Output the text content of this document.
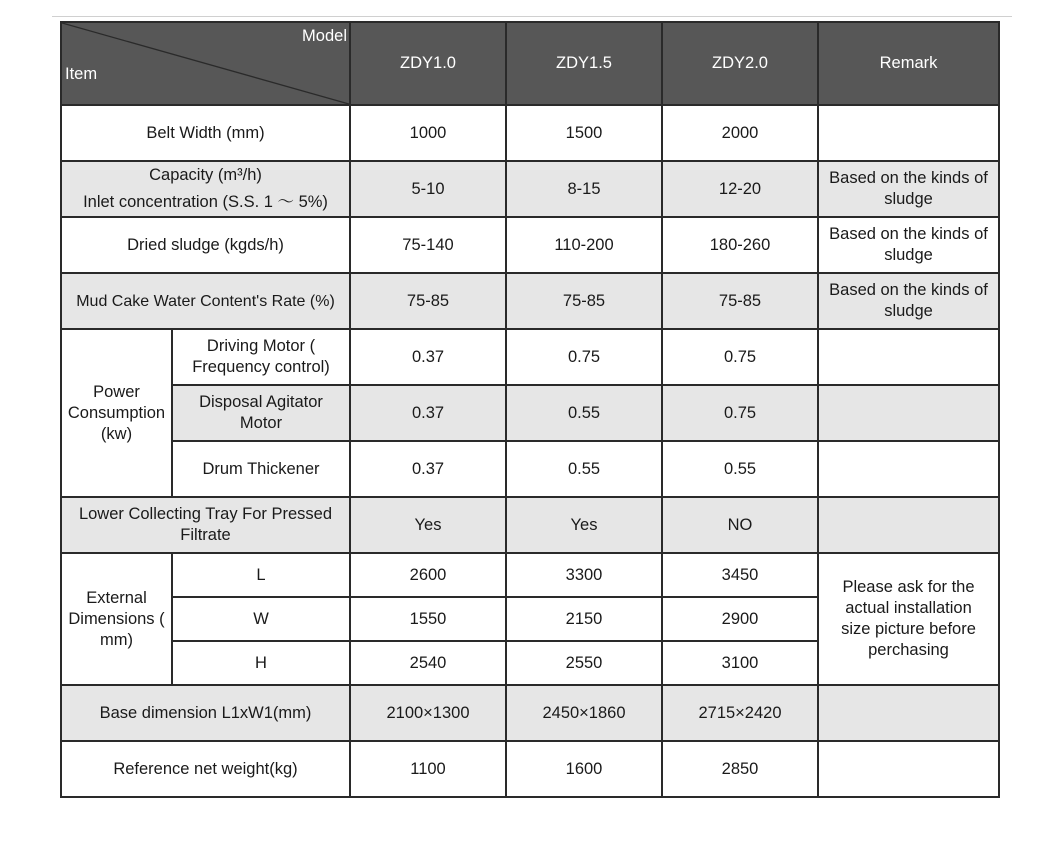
Model
Item		ZDY1.0	ZDY1.5	ZDY2.0	Remark
Belt Width (mm)		1000	1500	2000	

Capacity (m³/h)
Inlet concentration (S.S. 1 ～ 5%)		5-10	8-15	12-20	Based on the kinds of sludge
Dried sludge (kgds/h)		75-140	110-200	180-260	Based on the kinds of sludge
Mud Cake Water Content's Rate (%)		75-85	75-85	75-85	Based on the kinds of sludge
Power Consumption (kw)	Driving Motor ( Frequency control)	0.37	0.75	0.75	
	Disposal Agitator Motor	0.37	0.55	0.75	
	Drum Thickener	0.37	0.55	0.55	
Lower Collecting Tray For Pressed Filtrate		Yes	Yes	NO	
External Dimensions ( mm)	L	2600	3300	3450	Please ask for the actual installation size picture before perchasing
	W	1550	2150	2900	
	H	2540	2550	3100	
Base dimension L1xW1(mm)		2100×1300	2450×1860	2715×2420	
Reference net weight(kg)		1100	1600	2850	
